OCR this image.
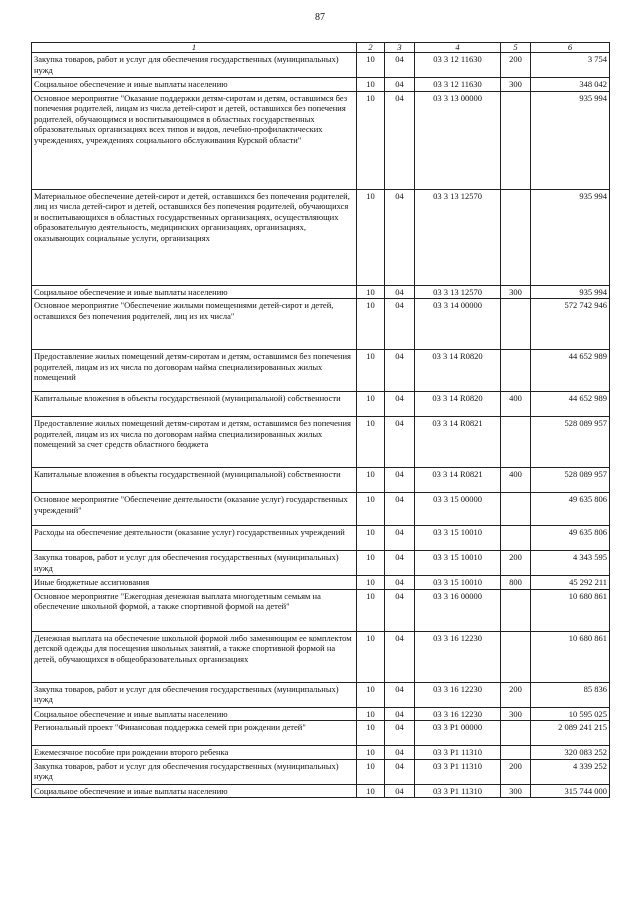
87
1	2	3	4	5	6
Закупка товаров, работ и услуг для обеспечения государственных (муниципальных) нужд	10	04	03 3 12 11630	200	3 754
Социальное обеспечение и иные выплаты населению	10	04	03 3 12 11630	300	348 042
Основное мероприятие "Оказание поддержки детям-сиротам и детям, оставшимся без попечения родителей, лицам из числа детей-сирот и детей, оставшихся без попечения родителей, обучающимся и воспитывающимся в областных государственных образовательных организациях всех типов и видов, лечебно-профилактических учреждениях, учреждениях социального обслуживания Курской области"	10	04	03 3 13 00000		935 994
Материальное обеспечение детей-сирот и детей, оставшихся без попечения родителей, лиц из числа детей-сирот и детей, оставшихся без попечения родителей, обучающихся и воспитывающихся в областных государственных организациях, осуществляющих образовательную деятельность, медицинских организациях, организациях, оказывающих социальные услуги, организациях	10	04	03 3 13 12570		935 994
Социальное обеспечение и иные выплаты населению	10	04	03 3 13 12570	300	935 994
Основное мероприятие "Обеспечение жилыми помещениями детей-сирот и детей, оставшихся без попечения родителей, лиц из их числа"	10	04	03 3 14 00000		572 742 946
Предоставление жилых помещений детям-сиротам и детям, оставшимся без попечения родителей, лицам из их числа по договорам найма специализированных жилых помещений	10	04	03 3 14 R0820		44 652 989
Капитальные вложения в объекты государственной (муниципальной) собственности	10	04	03 3 14 R0820	400	44 652 989
Предоставление жилых помещений детям-сиротам и детям, оставшимся без попечения родителей, лицам из их числа по договорам найма специализированных жилых помещений за счет средств областного бюджета	10	04	03 3 14 R0821		528 089 957
Капитальные вложения в объекты государственной (муниципальной) собственности	10	04	03 3 14 R0821	400	528 089 957
Основное мероприятие "Обеспечение деятельности (оказание услуг) государственных учреждений"	10	04	03 3 15 00000		49 635 806
Расходы на обеспечение деятельности (оказание услуг) государственных учреждений	10	04	03 3 15 10010		49 635 806
Закупка товаров, работ и услуг для обеспечения государственных (муниципальных) нужд	10	04	03 3 15 10010	200	4 343 595
Иные бюджетные ассигнования	10	04	03 3 15 10010	800	45 292 211
Основное мероприятие "Ежегодная денежная выплата многодетным семьям на обеспечение школьной формой, а также спортивной формой на детей"	10	04	03 3 16 00000		10 680 861
Денежная выплата на обеспечение школьной формой либо заменяющим ее комплектом детской одежды для посещения школьных занятий, а также спортивной формой на детей, обучающихся в общеобразовательных организациях	10	04	03 3 16 12230		10 680 861
Закупка товаров, работ и услуг для обеспечения государственных (муниципальных) нужд	10	04	03 3 16 12230	200	85 836
Социальное обеспечение и иные выплаты населению	10	04	03 3 16 12230	300	10 595 025
Региональный проект "Финансовая поддержка семей при рождении детей"	10	04	03 3 P1 00000		2 089 241 215
Ежемесячное пособие при рождении второго ребенка	10	04	03 3 P1 11310		320 083 252
Закупка товаров, работ и услуг для обеспечения государственных (муниципальных) нужд	10	04	03 3 P1 11310	200	4 339 252
Социальное обеспечение и иные выплаты населению	10	04	03 3 P1 11310	300	315 744 000
